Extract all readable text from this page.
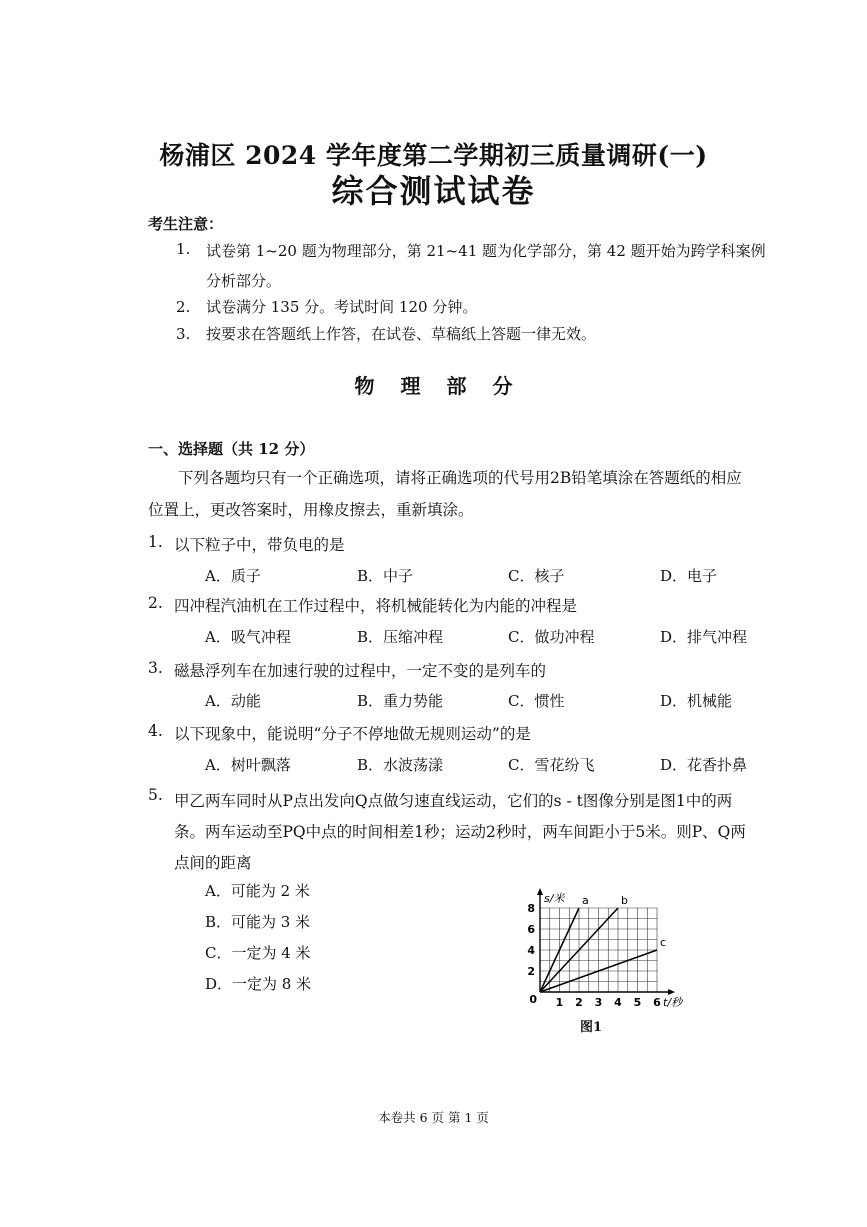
杨浦区 2024 学年度第二学期初三质量调研(一)
综合测试试卷
考生注意：
1.	试卷第 1~20 题为物理部分，第 21~41 题为化学部分，第 42 题开始为跨学科案例分析部分。
2.	试卷满分 135 分。考试时间 120 分钟。
3.	按要求在答题纸上作答，在试卷、草稿纸上答题一律无效。
物理部分
一、选择题（共 12 分）
下列各题均只有一个正确选项，请将正确选项的代号用2B铅笔填涂在答题纸的相应位置上，更改答案时，用橡皮擦去，重新填涂。
1. 以下粒子中，带负电的是
A．质子	B．中子	C．核子	D．电子
2. 四冲程汽油机在工作过程中，将机械能转化为内能的冲程是
A．吸气冲程	B．压缩冲程	C．做功冲程	D．排气冲程
3. 磁悬浮列车在加速行驶的过程中，一定不变的是列车的
A．动能	B．重力势能	C．惯性	D．机械能
4. 以下现象中，能说明“分子不停地做无规则运动”的是
A．树叶飘落	B．水波荡漾	C．雪花纷飞	D．花香扑鼻
5. 甲乙两车同时从P点出发向Q点做匀速直线运动，它们的s - t图像分别是图1中的两条。两车运动至PQ中点的时间相差1秒；运动2秒时，两车间距小于5米。则P、Q两点间的距离
A．可能为 2 米
B．可能为 3 米
C．一定为 4 米
D．一定为 8 米
2
4
6
8
1 2 3 4 5 6
0
s/米
t/秒
a	b
c
图1
本卷共 6 页 第 1 页
